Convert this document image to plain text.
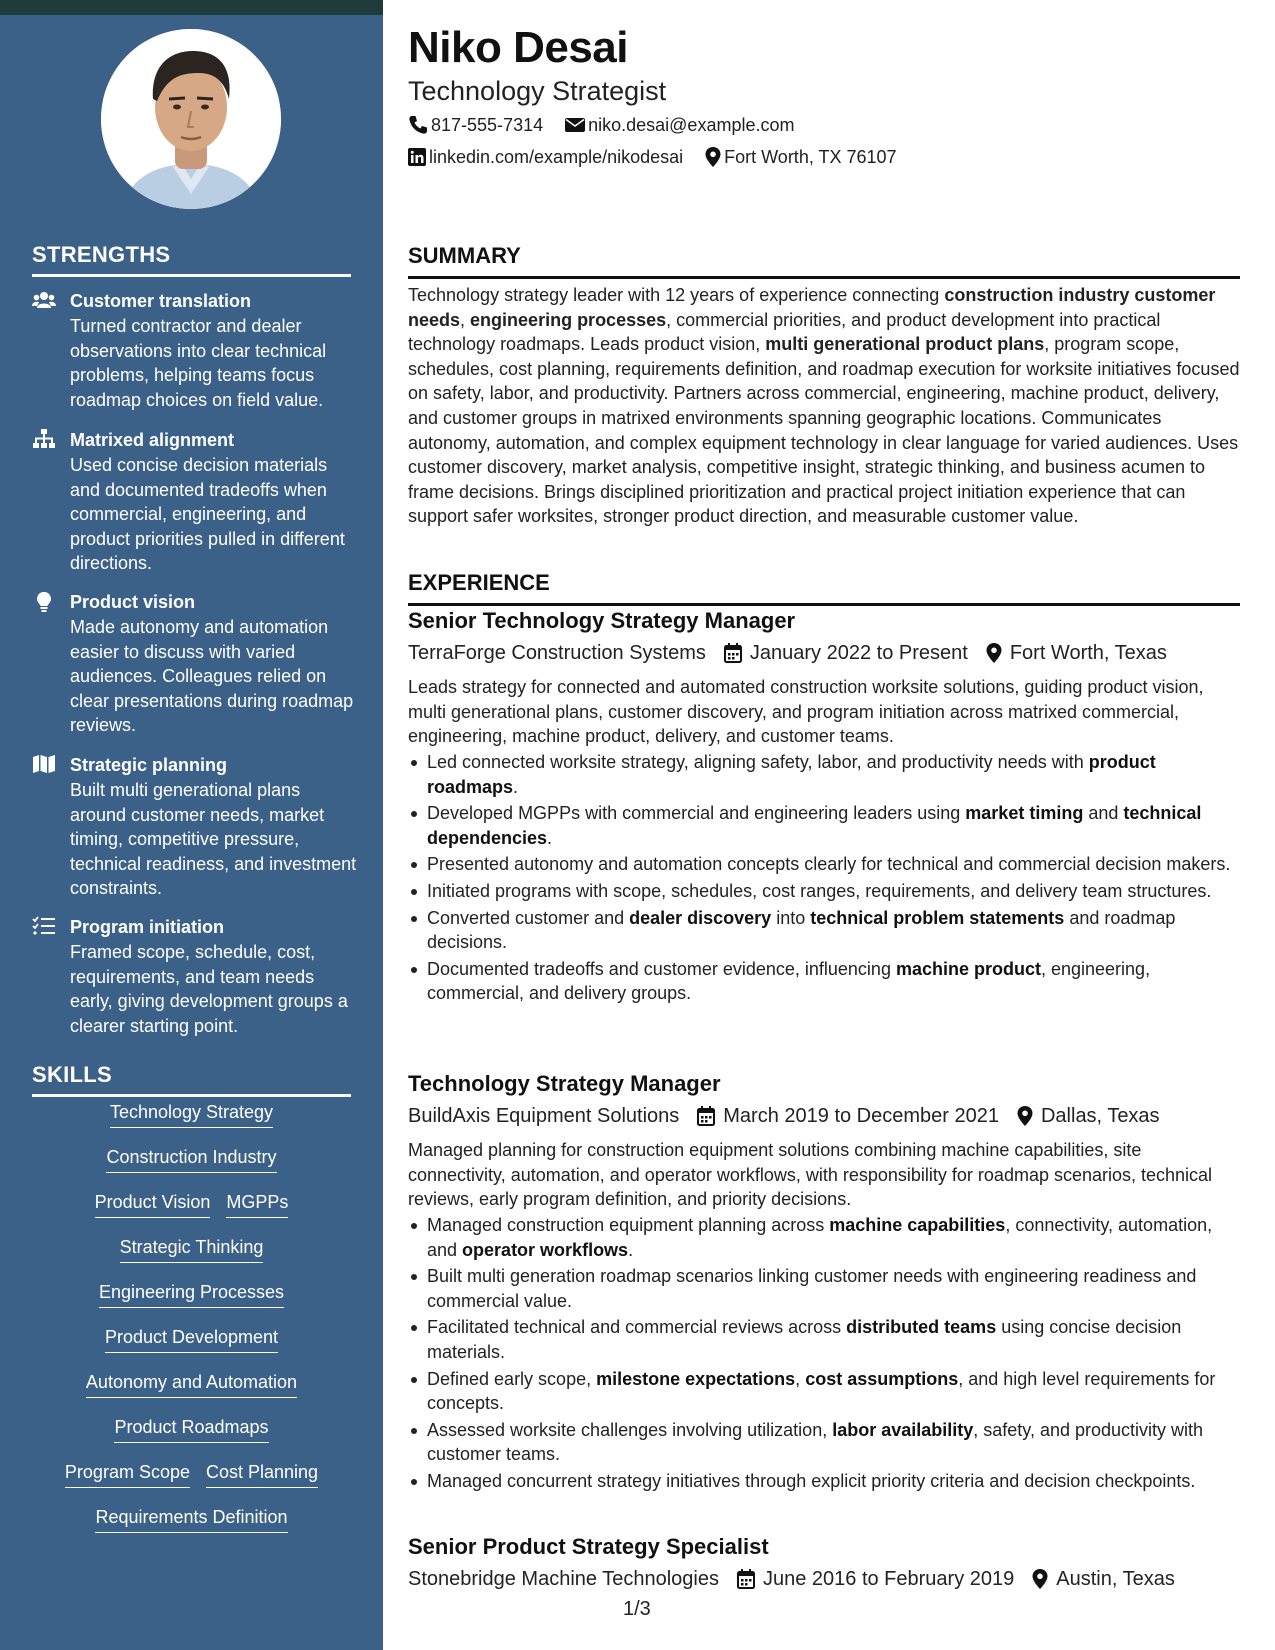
STRENGTHS
Customer translation
Turned contractor and dealer observations into clear technical problems, helping teams focus roadmap choices on field value.
Matrixed alignment
Used concise decision materials and documented tradeoffs when commercial, engineering, and product priorities pulled in different directions.
Product vision
Made autonomy and automation easier to discuss with varied audiences. Colleagues relied on clear presentations during roadmap reviews.
Strategic planning
Built multi generational plans around customer needs, market timing, competitive pressure, technical readiness, and investment constraints.
Program initiation
Framed scope, schedule, cost, requirements, and team needs early, giving development groups a clearer starting point.
SKILLS
Technology Strategy
Construction Industry
Product Vision MGPPs
Strategic Thinking
Engineering Processes
Product Development
Autonomy and Automation
Product Roadmaps
Program Scope Cost Planning
Requirements Definition
Niko Desai
Technology Strategist
817-555-7314	niko.desai@example.com
linkedin.com/example/nikodesai Fort Worth, TX 76107
SUMMARY
Technology strategy leader with 12 years of experience connecting construction industry customer needs, engineering processes, commercial priorities, and product development into practical technology roadmaps. Leads product vision, multi generational product plans, program scope, schedules, cost planning, requirements definition, and roadmap execution for worksite initiatives focused on safety, labor, and productivity. Partners across commercial, engineering, machine product, delivery, and customer groups in matrixed environments spanning geographic locations. Communicates autonomy, automation, and complex equipment technology in clear language for varied audiences. Uses customer discovery, market analysis, competitive insight, strategic thinking, and business acumen to frame decisions. Brings disciplined prioritization and practical project initiation experience that can support safer worksites, stronger product direction, and measurable customer value.
EXPERIENCE
Senior Technology Strategy Manager
TerraForge Construction Systems January 2022 to Present Fort Worth, Texas
Leads strategy for connected and automated construction worksite solutions, guiding product vision, multi generational plans, customer discovery, and program initiation across matrixed commercial, engineering, machine product, delivery, and customer teams.
Led connected worksite strategy, aligning safety, labor, and productivity needs with product roadmaps.
Developed MGPPs with commercial and engineering leaders using market timing and technical dependencies.
Presented autonomy and automation concepts clearly for technical and commercial decision makers.
Initiated programs with scope, schedules, cost ranges, requirements, and delivery team structures.
Converted customer and dealer discovery into technical problem statements and roadmap decisions.
Documented tradeoffs and customer evidence, influencing machine product, engineering, commercial, and delivery groups.
Technology Strategy Manager
BuildAxis Equipment Solutions March 2019 to December 2021 Dallas, Texas
Managed planning for construction equipment solutions combining machine capabilities, site connectivity, automation, and operator workflows, with responsibility for roadmap scenarios, technical reviews, early program definition, and priority decisions.
Managed construction equipment planning across machine capabilities, connectivity, automation, and operator workflows.
Built multi generation roadmap scenarios linking customer needs with engineering readiness and commercial value.
Facilitated technical and commercial reviews across distributed teams using concise decision materials.
Defined early scope, milestone expectations, cost assumptions, and high level requirements for concepts.
Assessed worksite challenges involving utilization, labor availability, safety, and productivity with customer teams.
Managed concurrent strategy initiatives through explicit priority criteria and decision checkpoints.
Senior Product Strategy Specialist
Stonebridge Machine Technologies June 2016 to February 2019 Austin, Texas
1/3
